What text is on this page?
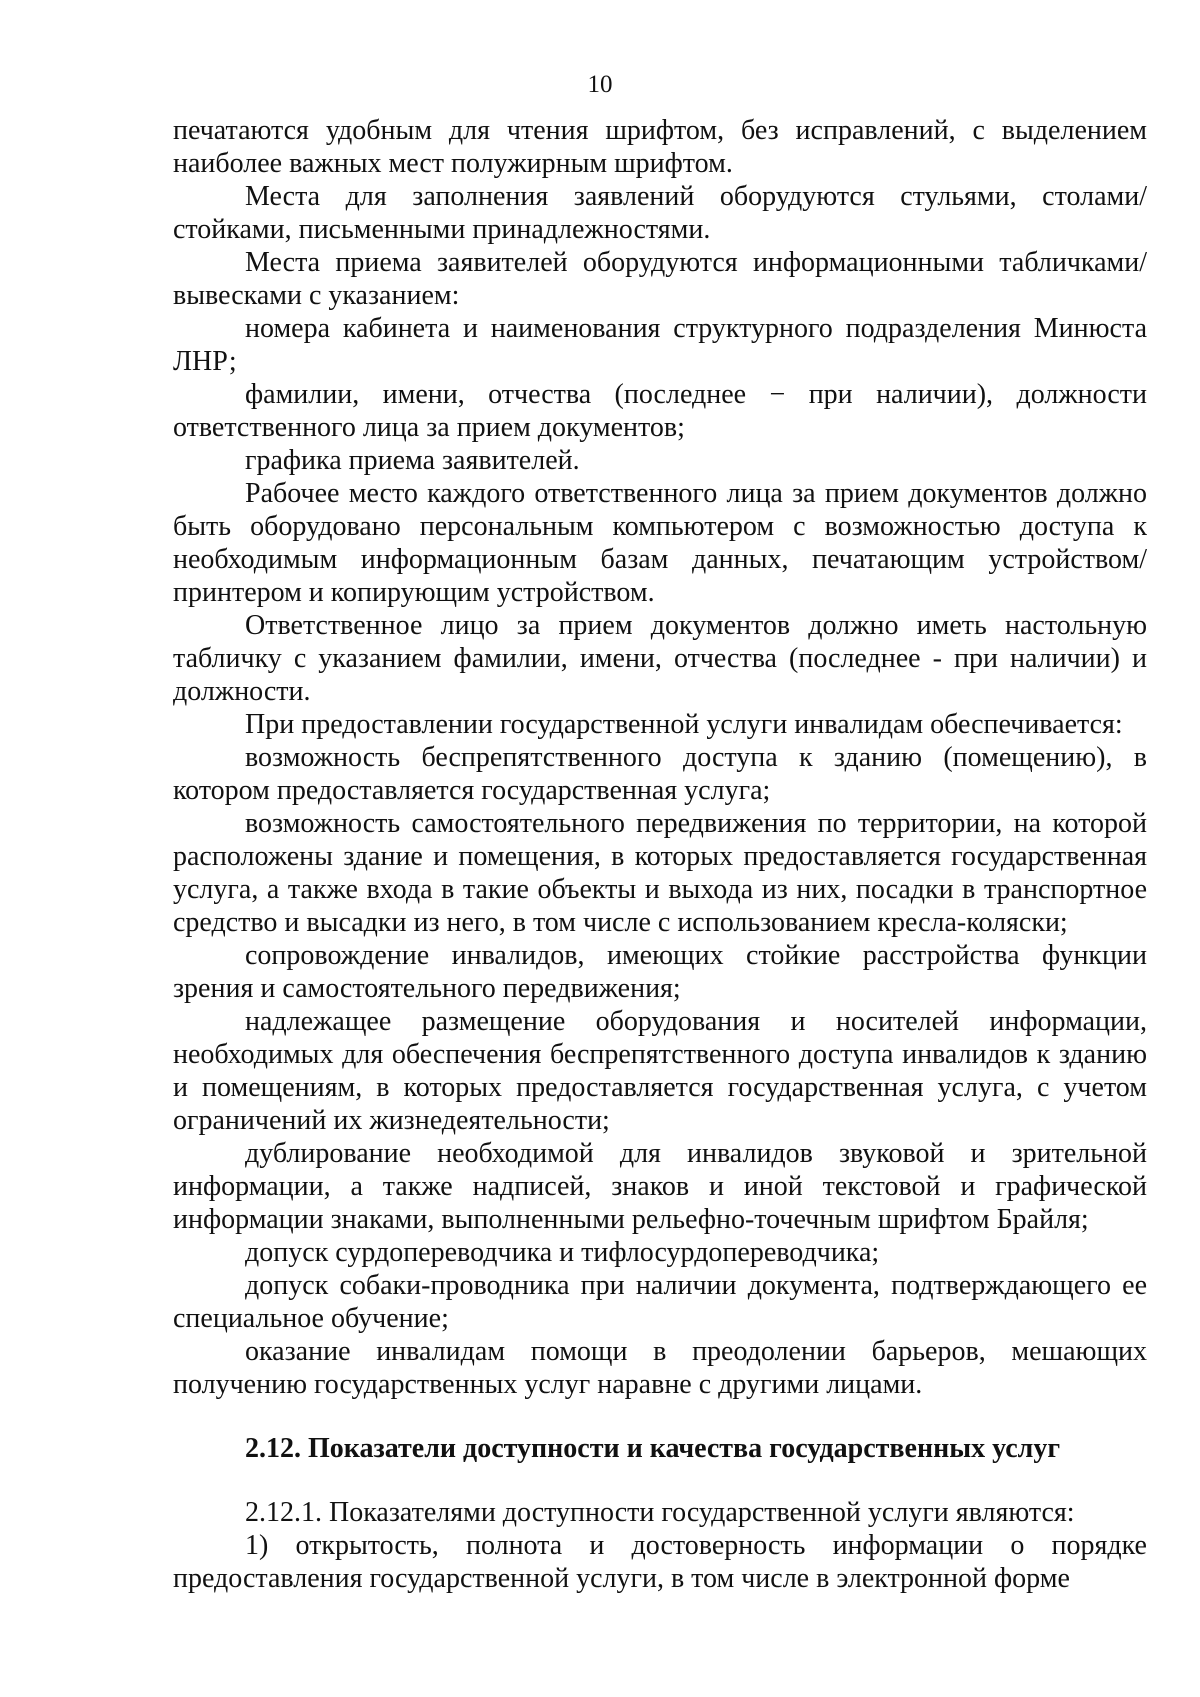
10

печатаются удобным для чтения шрифтом, без исправлений, с выделением наиболее важных мест полужирным шрифтом.

Места для заполнения заявлений оборудуются стульями, столами/стойками, письменными принадлежностями.

Места приема заявителей оборудуются информационными табличками/вывесками с указанием:

номера кабинета и наименования структурного подразделения Минюста ЛНР;

фамилии, имени, отчества (последнее − при наличии), должности ответственного лица за прием документов;

графика приема заявителей.

Рабочее место каждого ответственного лица за прием документов должно быть оборудовано персональным компьютером с возможностью доступа к необходимым информационным базам данных, печатающим устройством/принтером и копирующим устройством.

Ответственное лицо за прием документов должно иметь настольную табличку с указанием фамилии, имени, отчества (последнее - при наличии) и должности.

При предоставлении государственной услуги инвалидам обеспечивается:

возможность беспрепятственного доступа к зданию (помещению), в котором предоставляется государственная услуга;

возможность самостоятельного передвижения по территории, на которой расположены здание и помещения, в которых предоставляется государственная услуга, а также входа в такие объекты и выхода из них, посадки в транспортное средство и высадки из него, в том числе с использованием кресла-коляски;

сопровождение инвалидов, имеющих стойкие расстройства функции зрения и самостоятельного передвижения;

надлежащее размещение оборудования и носителей информации, необходимых для обеспечения беспрепятственного доступа инвалидов к зданию и помещениям, в которых предоставляется государственная услуга, с учетом ограничений их жизнедеятельности;

дублирование необходимой для инвалидов звуковой и зрительной информации, а также надписей, знаков и иной текстовой и графической информации знаками, выполненными рельефно-точечным шрифтом Брайля;

допуск сурдопереводчика и тифлосурдопереводчика;

допуск собаки-проводника при наличии документа, подтверждающего ее специальное обучение;

оказание инвалидам помощи в преодолении барьеров, мешающих получению государственных услуг наравне с другими лицами.

2.12. Показатели доступности и качества государственных услуг

2.12.1. Показателями доступности государственной услуги являются:

1) открытость, полнота и достоверность информации о порядке предоставления государственной услуги, в том числе в электронной форме
